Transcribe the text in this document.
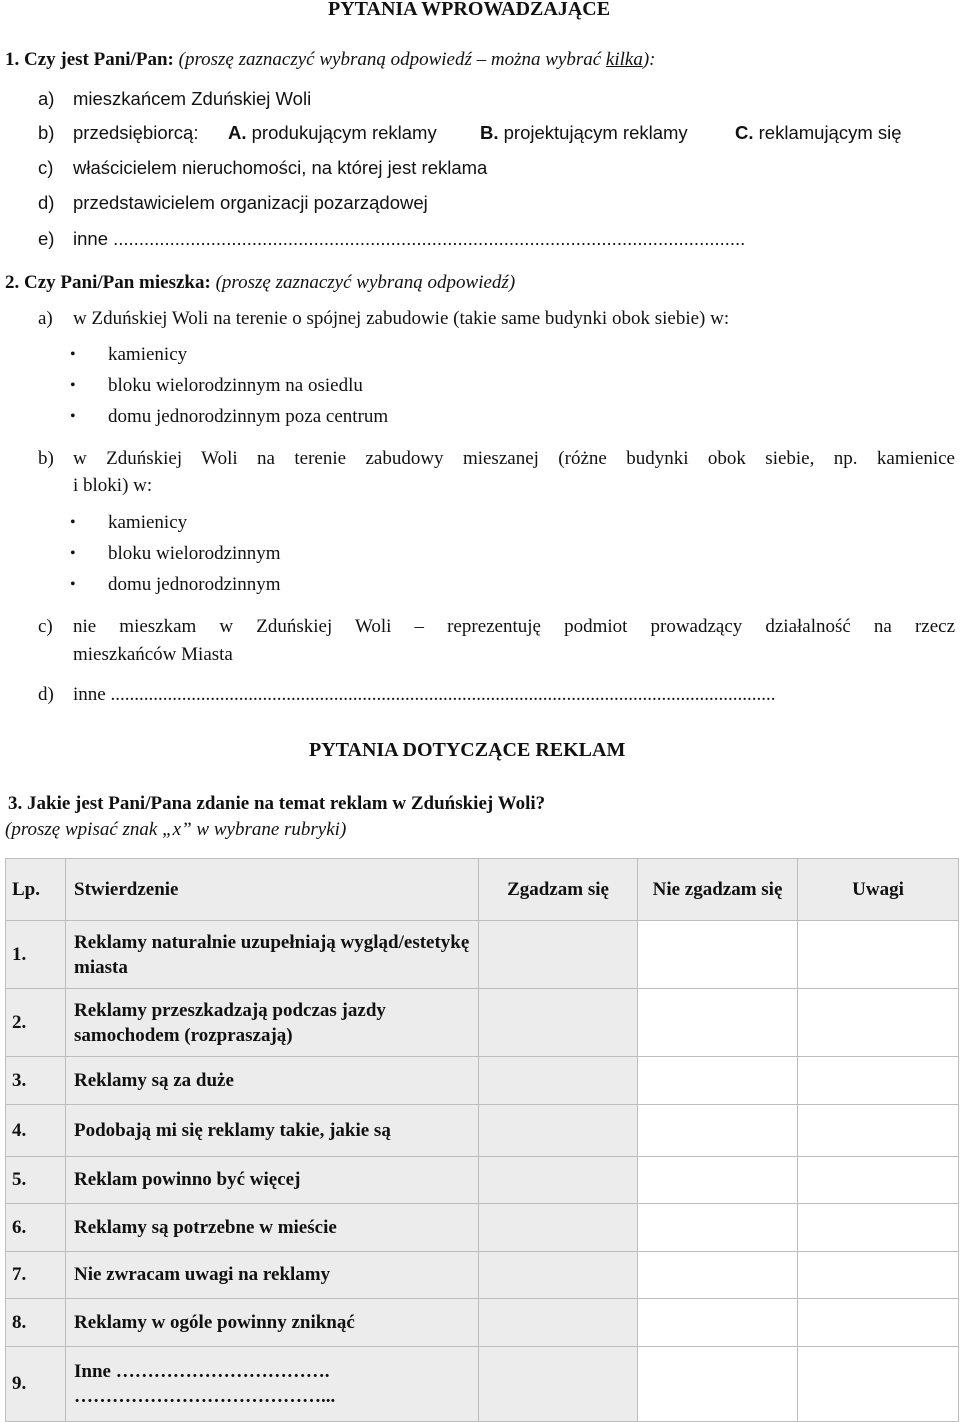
PYTANIA WPROWADZAJĄCE
1. Czy jest Pani/Pan: (proszę zaznaczyć wybraną odpowiedź – można wybrać kilka):
a) mieszkańcem Zduńskiej Woli
b) przedsiębiorcą: A. produkującym reklamy B. projektującym reklamy	C. reklamującym się
c) właścicielem nieruchomości, na której jest reklama
d) przedstawicielem organizacji pozarządowej
e) inne ...........................................................................................................................
2. Czy Pani/Pan mieszka: (proszę zaznaczyć wybraną odpowiedź)
a) w Zduńskiej Woli na terenie o spójnej zabudowie (takie same budynki obok siebie) w:
• kamienicy
• bloku wielorodzinnym na osiedlu
• domu jednorodzinnym poza centrum
b) w Zduńskiej Woli na terenie zabudowy mieszanej (różne budynki obok siebie, np. kamienice
i bloki) w:
• kamienicy
• bloku wielorodzinnym
• domu jednorodzinnym
c) nie mieszkam w Zduńskiej Woli – reprezentuję podmiot prowadzący działalność na rzecz
mieszkańców Miasta
d) inne ............................................................................................................................................
PYTANIA DOTYCZĄCE REKLAM
3. Jakie jest Pani/Pana zdanie na temat reklam w Zduńskiej Woli?
(proszę wpisać znak „x” w wybrane rubryki)
Lp.	Stwierdzenie	Zgadzam się	Nie zgadzam się	Uwagi
1.	Reklamy naturalnie uzupełniają wygląd/estetykę miasta			
2.	Reklamy przeszkadzają podczas jazdy samochodem (rozpraszają)			
3.	Reklamy są za duże			
4.	Podobają mi się reklamy takie, jakie są			
5.	Reklam powinno być więcej			
6.	Reklamy są potrzebne w mieście			
7.	Nie zwracam uwagi na reklamy			
8.	Reklamy w ogóle powinny zniknąć			
9.	Inne …………………………….
…………………………………...			
